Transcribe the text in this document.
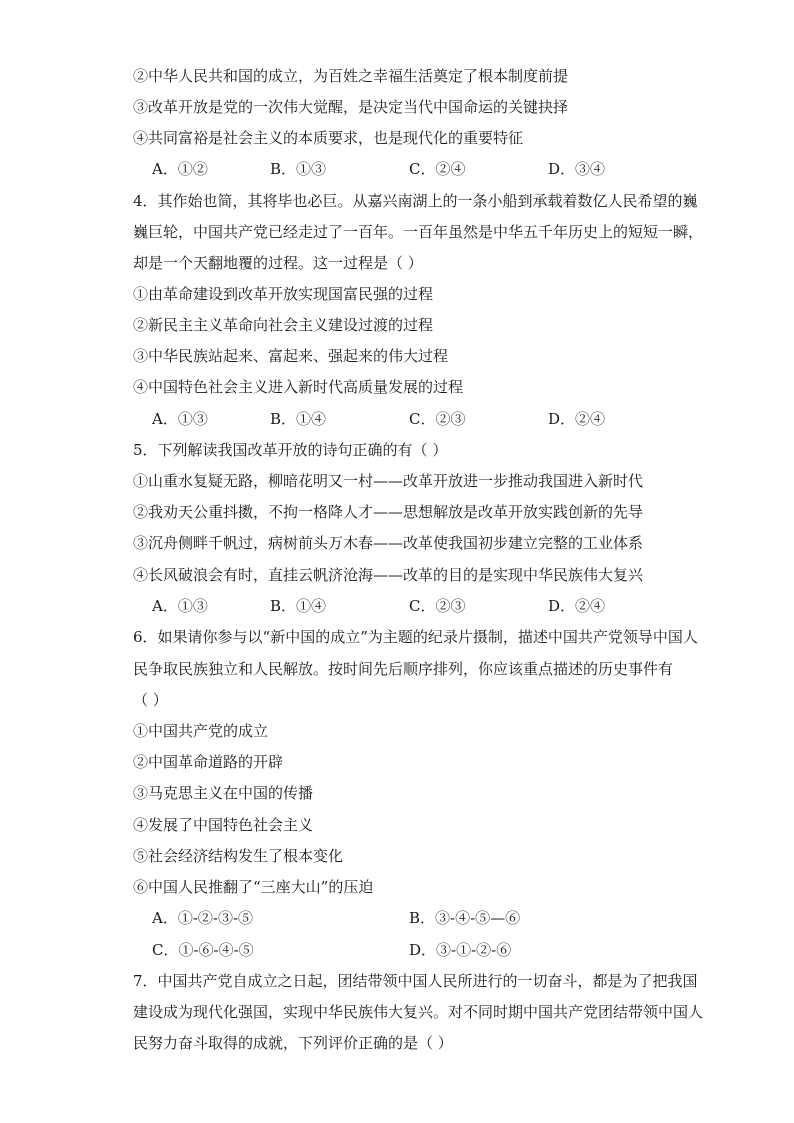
②中华人民共和国的成立，为百姓之幸福生活奠定了根本制度前提
③改革开放是党的一次伟大觉醒，是决定当代中国命运的关键抉择
④共同富裕是社会主义的本质要求，也是现代化的重要特征
A．①②	B．①③	C．②④	D．③④
4．其作始也简，其将毕也必巨。从嘉兴南湖上的一条小船到承载着数亿人民希望的巍
巍巨轮，中国共产党已经走过了一百年。一百年虽然是中华五千年历史上的短短一瞬，
却是一个天翻地覆的过程。这一过程是（ ）
①由革命建设到改革开放实现国富民强的过程
②新民主主义革命向社会主义建设过渡的过程
③中华民族站起来、富起来、强起来的伟大过程
④中国特色社会主义进入新时代高质量发展的过程
A．①③	B．①④	C．②③	D．②④
5．下列解读我国改革开放的诗句正确的有（ ）
①山重水复疑无路，柳暗花明又一村——改革开放进一步推动我国进入新时代
②我劝天公重抖擞，不拘一格降人才——思想解放是改革开放实践创新的先导
③沉舟侧畔千帆过，病树前头万木春——改革使我国初步建立完整的工业体系
④长风破浪会有时，直挂云帆济沧海——改革的目的是实现中华民族伟大复兴
A．①③	B．①④	C．②③	D．②④
6．如果请你参与以“新中国的成立”为主题的纪录片摄制，描述中国共产党领导中国人
民争取民族独立和人民解放。按时间先后顺序排列，你应该重点描述的历史事件有
（ ）
①中国共产党的成立
②中国革命道路的开辟
③马克思主义在中国的传播
④发展了中国特色社会主义
⑤社会经济结构发生了根本变化
⑥中国人民推翻了“三座大山”的压迫
A．①-②-③-⑤	B．③-④-⑤—⑥
C．①-⑥-④-⑤	D．③-①-②-⑥
7．中国共产党自成立之日起，团结带领中国人民所进行的一切奋斗，都是为了把我国
建设成为现代化强国，实现中华民族伟大复兴。对不同时期中国共产党团结带领中国人
民努力奋斗取得的成就，下列评价正确的是（ ）
